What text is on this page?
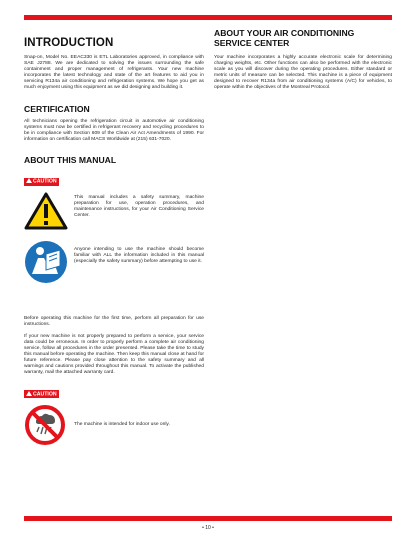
INTRODUCTION

Snap-on, Model No. EEAC330 is ETL Laboratories approved, in compliance with SAE J2788. We are dedicated to solving the issues surrounding the safe containment and proper management of refrigerants. Your new machine incorporates the latest technology and state of the art features to aid you in servicing R134a air conditioning and refrigeration systems. We hope you get as much enjoyment using this equipment as we did designing and building it.

CERTIFICATION

All technicians opening the refrigeration circuit in automotive air conditioning systems must now be certified in refrigerant recovery and recycling procedures to be in compliance with Section 609 of the Clean Air Act Amendments of 1990. For information on certification call MACS Worldwide at (215) 631-7020.

ABOUT THIS MANUAL
CAUTION

This manual includes a safety summary, machine preparation for use, operation procedures, and maintenance instructions, for your Air Conditioning Service Center.

Anyone intending to use the machine should become familiar with ALL the information included in this manual (especially the safety summary) before attempting to use it.

Before operating this machine for the first time, perform all preparation for use instructions.

If your new machine is not properly prepared to perform a service, your service data could be erroneous. In order to properly perform a complete air conditioning service, follow all procedures in the order presented. Please take the time to study this manual before operating the machine. Then keep this manual close at hand for future reference. Please pay close attention to the safety summary and all warnings and cautions provided throughout this manual. To activate the published warranty, mail the attached warranty card.

CAUTION

The machine is intended for indoor use only.

ABOUT YOUR AIR CONDITIONING
SERVICE CENTER

Your machine incorporates a highly accurate electronic scale for determining charging weights, etc. Other functions can also be performed with the electronic scale as you will discover during the operating procedures. Either standard or metric units of measure can be selected. This machine is a piece of equipment designed to recover R134a from air conditioning systems (A/C) for vehicles, to operate within the objectives of the Montreal Protocol.

• 10 •
